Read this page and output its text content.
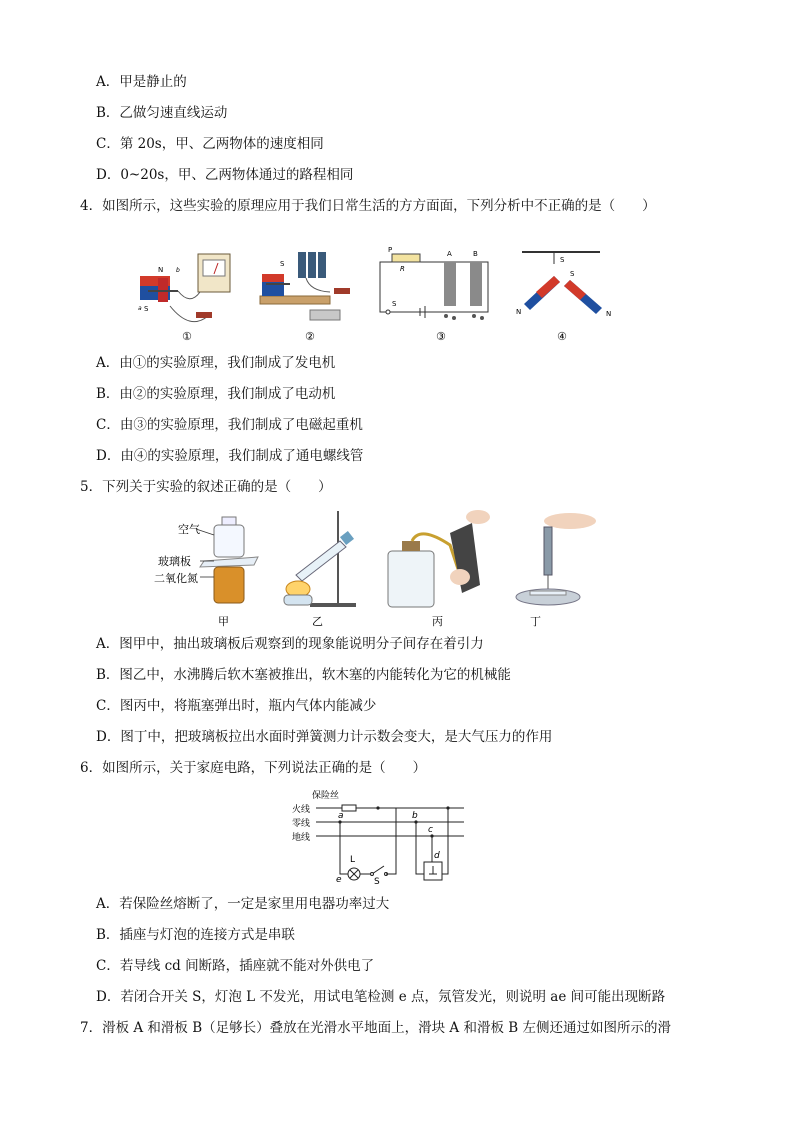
A．甲是静止的
B．乙做匀速直线运动
C．第 20s，甲、乙两物体的速度相同
D．0~20s，甲、乙两物体通过的路程相同
4．如图所示，这些实验的原理应用于我们日常生活的方方面面，下列分析中不正确的是（　　）
N
S
a
b
①
S
②
P
R
S
A	B
③
S
N
S
N
④
A．由①的实验原理，我们制成了发电机
B．由②的实验原理，我们制成了电动机
C．由③的实验原理，我们制成了电磁起重机
D．由④的实验原理，我们制成了通电螺线管
5．下列关于实验的叙述正确的是（　　）
空气
玻璃板
二氧化氮
甲	乙	丙	丁
A．图甲中，抽出玻璃板后观察到的现象能说明分子间存在着引力
B．图乙中，水沸腾后软木塞被推出，软木塞的内能转化为它的机械能
C．图丙中，将瓶塞弹出时，瓶内气体内能减少
D．图丁中，把玻璃板拉出水面时弹簧测力计示数会变大，是大气压力的作用
6．如图所示，关于家庭电路，下列说法正确的是（　　）
保险丝
火线
零线
地线
a	b
c
d
L
e	S
A．若保险丝熔断了，一定是家里用电器功率过大
B．插座与灯泡的连接方式是串联
C．若导线 cd 间断路，插座就不能对外供电了
D．若闭合开关 S，灯泡 L 不发光，用试电笔检测 e 点，氖管发光，则说明 ae 间可能出现断路
7．滑板 A 和滑板 B（足够长）叠放在光滑水平地面上，滑块 A 和滑板 B 左侧还通过如图所示的滑
